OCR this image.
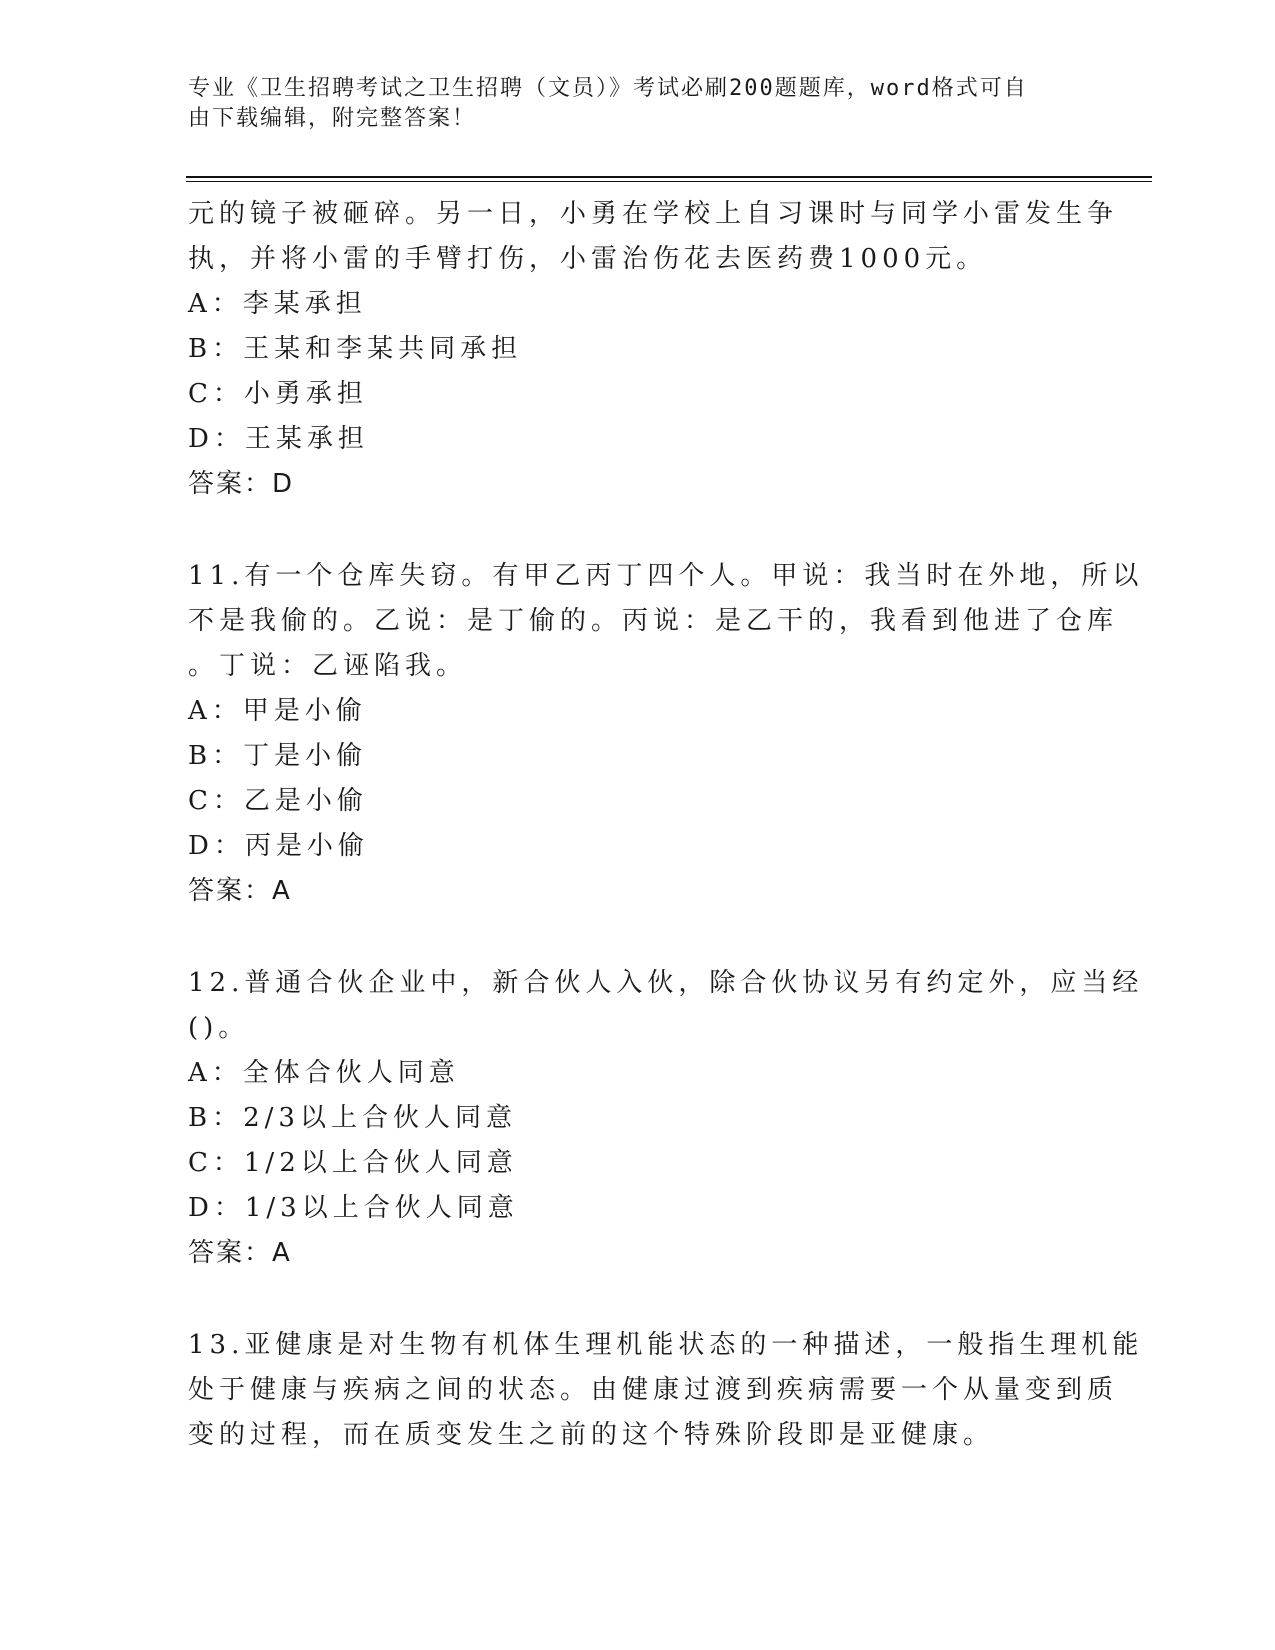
专业《卫生招聘考试之卫生招聘（文员）》考试必刷200题题库，word格式可自
由下载编辑，附完整答案！
元的镜子被砸碎。另一日，小勇在学校上自习课时与同学小雷发生争
执，并将小雷的手臂打伤，小雷治伤花去医药费1000元。
A：李某承担
B：王某和李某共同承担
C：小勇承担
D：王某承担
答案：D
11.有一个仓库失窃。有甲乙丙丁四个人。甲说：我当时在外地，所以
不是我偷的。乙说：是丁偷的。丙说：是乙干的，我看到他进了仓库
。丁说：乙诬陷我。
A：甲是小偷
B：丁是小偷
C：乙是小偷
D：丙是小偷
答案：A
12.普通合伙企业中，新合伙人入伙，除合伙协议另有约定外，应当经
()。
A：全体合伙人同意
B：2/3以上合伙人同意
C：1/2以上合伙人同意
D：1/3以上合伙人同意
答案：A
13.亚健康是对生物有机体生理机能状态的一种描述，一般指生理机能
处于健康与疾病之间的状态。由健康过渡到疾病需要一个从量变到质
变的过程，而在质变发生之前的这个特殊阶段即是亚健康。
